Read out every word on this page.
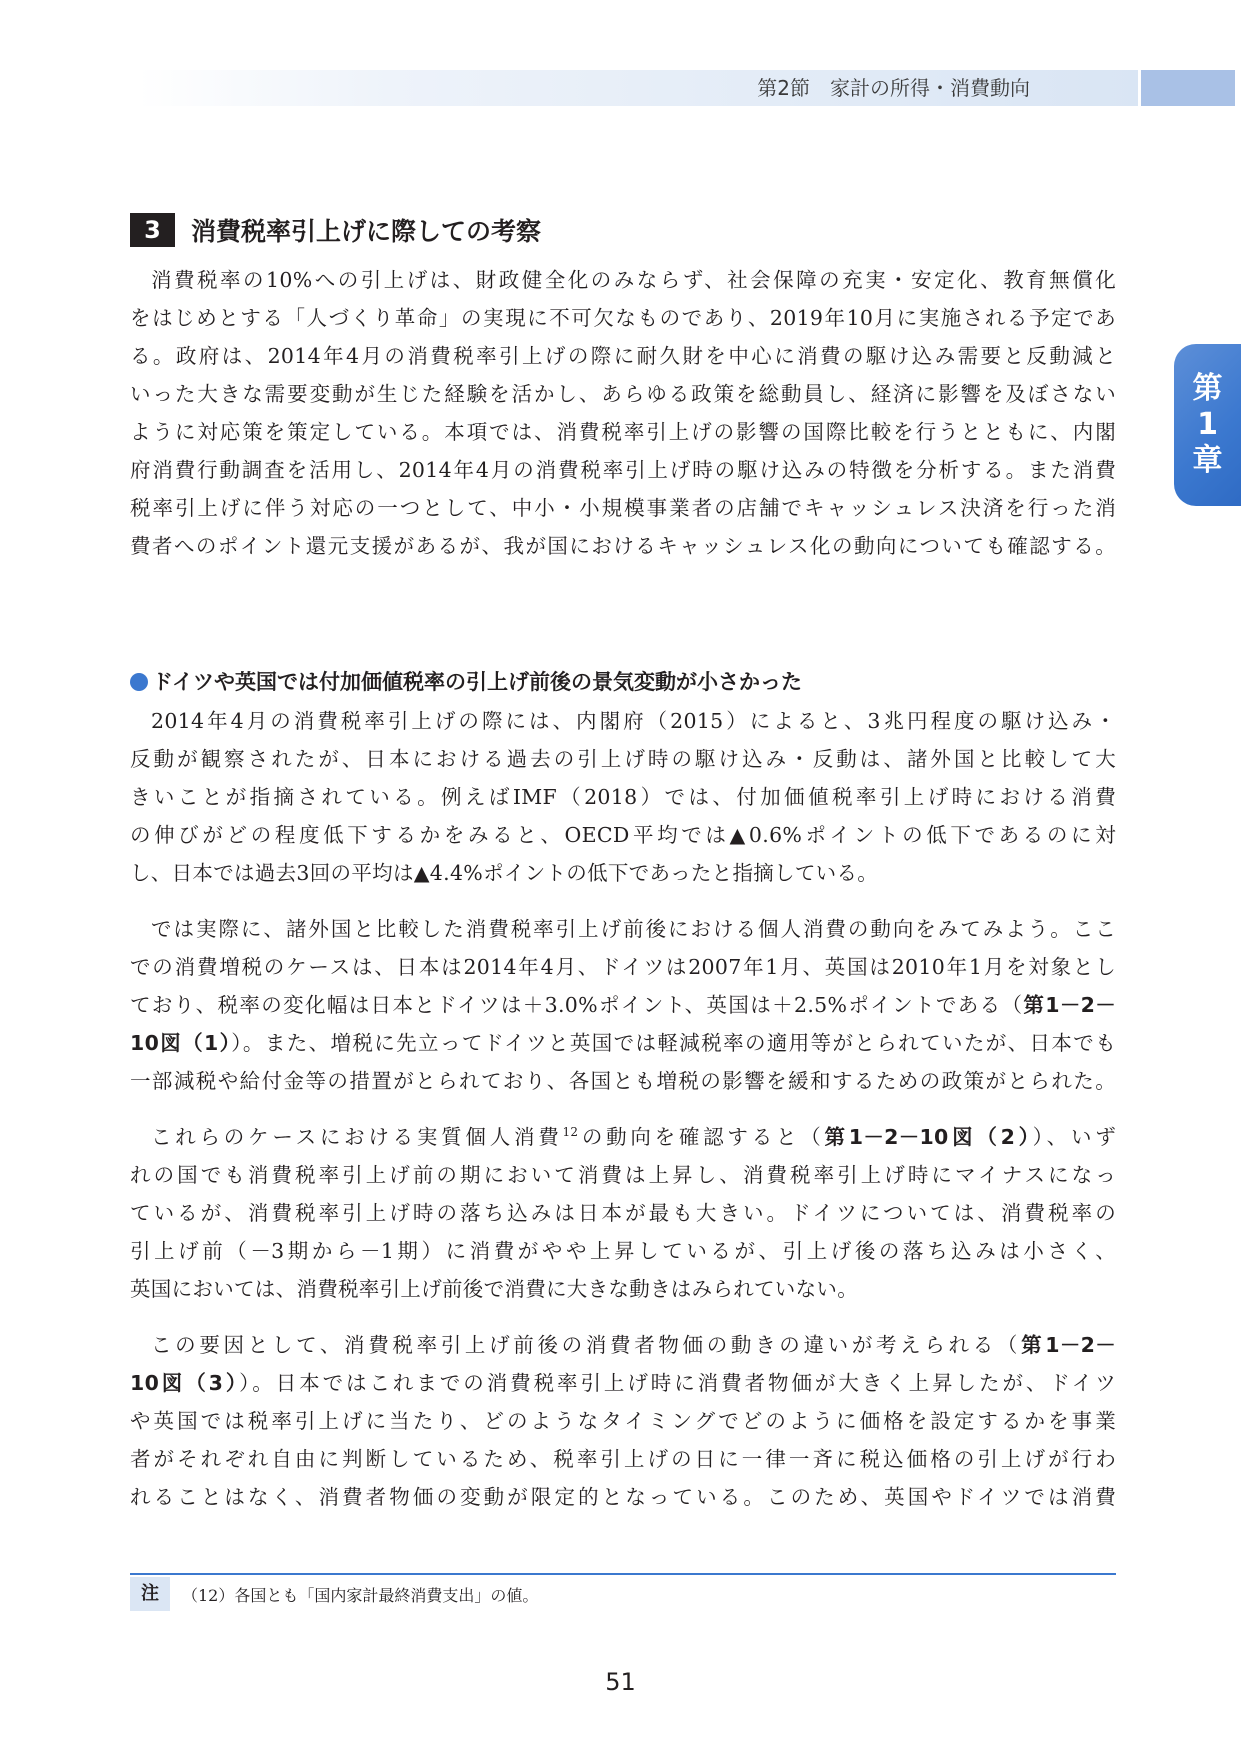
第2節　家計の所得・消費動向
第
1
章
3	消費税率引上げに際しての考察
消費税率の10%への引上げは、財政健全化のみならず、社会保障の充実・安定化、教育無償化
をはじめとする「人づくり革命」の実現に不可欠なものであり、2019年10月に実施される予定であ
る。政府は、2014年4月の消費税率引上げの際に耐久財を中心に消費の駆け込み需要と反動減と
いった大きな需要変動が生じた経験を活かし、あらゆる政策を総動員し、経済に影響を及ぼさない
ように対応策を策定している。本項では、消費税率引上げの影響の国際比較を行うとともに、内閣
府消費行動調査を活用し、2014年4月の消費税率引上げ時の駆け込みの特徴を分析する。また消費
税率引上げに伴う対応の一つとして、中小・小規模事業者の店舗でキャッシュレス決済を行った消
費者へのポイント還元支援があるが、我が国におけるキャッシュレス化の動向についても確認する。
ドイツや英国では付加価値税率の引上げ前後の景気変動が小さかった
2014年4月の消費税率引上げの際には、内閣府（2015）によると、3兆円程度の駆け込み・
反動が観察されたが、日本における過去の引上げ時の駆け込み・反動は、諸外国と比較して大
きいことが指摘されている。例えばIMF（2018）では、付加価値税率引上げ時における消費
の伸びがどの程度低下するかをみると、OECD平均では▲0.6%ポイントの低下であるのに対
し、日本では過去3回の平均は▲4.4%ポイントの低下であったと指摘している。
では実際に、諸外国と比較した消費税率引上げ前後における個人消費の動向をみてみよう。ここ
での消費増税のケースは、日本は2014年4月、ドイツは2007年1月、英国は2010年1月を対象とし
ており、税率の変化幅は日本とドイツは＋3.0%ポイント、英国は＋2.5%ポイントである（第1－2－
10図（1））。また、増税に先立ってドイツと英国では軽減税率の適用等がとられていたが、日本でも
一部減税や給付金等の措置がとられており、各国とも増税の影響を緩和するための政策がとられた。
これらのケースにおける実質個人消費$^{12}$の動向を確認すると（第1－2－10図（2））、いず
れの国でも消費税率引上げ前の期において消費は上昇し、消費税率引上げ時にマイナスになっ
ているが、消費税率引上げ時の落ち込みは日本が最も大きい。ドイツについては、消費税率の
引上げ前（－3期から－1期）に消費がやや上昇しているが、引上げ後の落ち込みは小さく、
英国においては、消費税率引上げ前後で消費に大きな動きはみられていない。
この要因として、消費税率引上げ前後の消費者物価の動きの違いが考えられる（第1－2－
10図（3））。日本ではこれまでの消費税率引上げ時に消費者物価が大きく上昇したが、ドイツ
や英国では税率引上げに当たり、どのようなタイミングでどのように価格を設定するかを事業
者がそれぞれ自由に判断しているため、税率引上げの日に一律一斉に税込価格の引上げが行わ
れることはなく、消費者物価の変動が限定的となっている。このため、英国やドイツでは消費
注	（12）各国とも「国内家計最終消費支出」の値。
51
